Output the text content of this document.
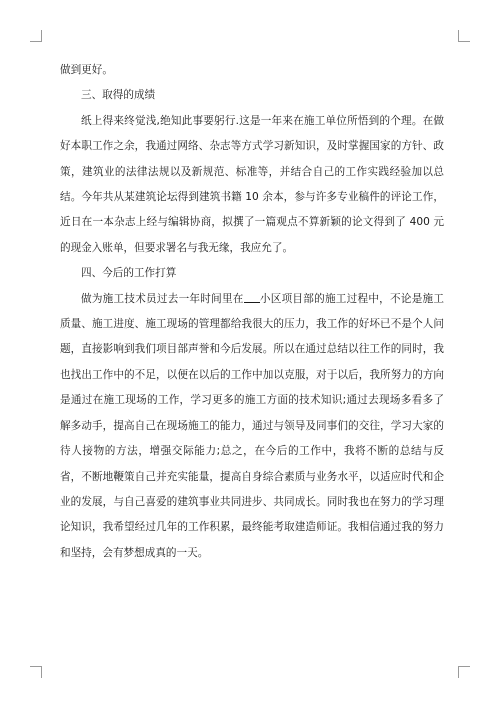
做到更好。

三、取得的成绩

纸上得来终觉浅,绝知此事要躬行.这是一年来在施工单位所悟到的个理。在做好本职工作之余，我通过网络、杂志等方式学习新知识，及时掌握国家的方针、政策，建筑业的法律法规以及新规范、标准等，并结合自己的工作实践经验加以总结。今年共从某建筑论坛得到建筑书籍 10 余本，参与许多专业稿件的评论工作，近日在一本杂志上经与编辑协商，拟撰了一篇观点不算新颖的论文得到了 400 元的现金入账单，但要求署名与我无缘，我应允了。

四、今后的工作打算

做为施工技术员过去一年时间里在 小区项目部的施工过程中，不论是施工质量、施工进度、施工现场的管理都给我很大的压力，我工作的好坏已不是个人问题，直接影响到我们项目部声誉和今后发展。所以在通过总结以往工作的同时，我也找出工作中的不足，以便在以后的工作中加以克服，对于以后，我所努力的方向是通过在施工现场的工作，学习更多的施工方面的技术知识;通过去现场多看多了解多动手，提高自己在现场施工的能力，通过与领导及同事们的交往，学习大家的待人接物的方法，增强交际能力;总之，在今后的工作中，我将不断的总结与反省，不断地鞭策自己并充实能量，提高自身综合素质与业务水平，以适应时代和企业的发展，与自己喜爱的建筑事业共同进步、共同成长。同时我也在努力的学习理论知识，我希望经过几年的工作积累，最终能考取建造师证。我相信通过我的努力和坚持，会有梦想成真的一天。
